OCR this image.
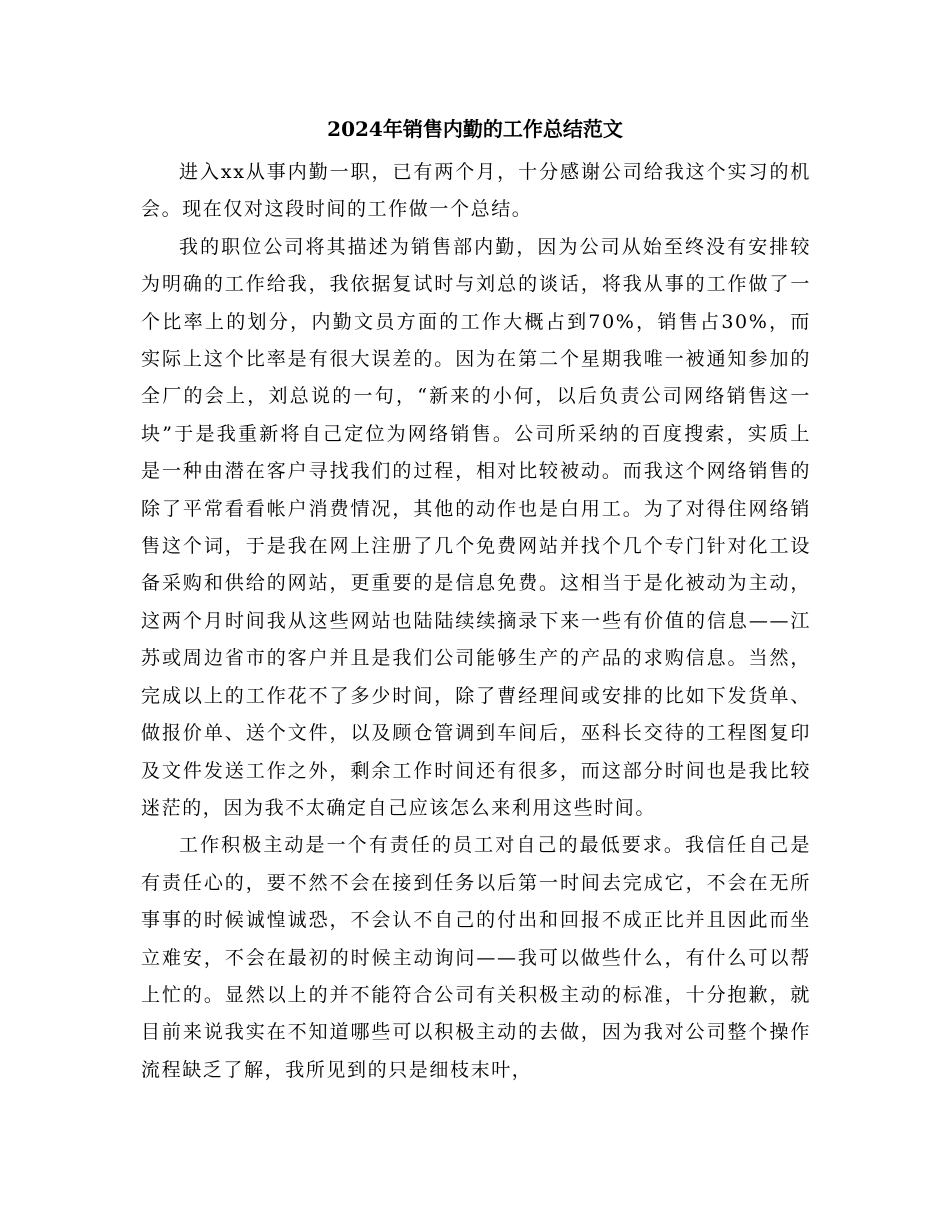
2024年销售内勤的工作总结范文

进入xx从事内勤一职，已有两个月，十分感谢公司给我这个实习的机会。现在仅对这段时间的工作做一个总结。

我的职位公司将其描述为销售部内勤，因为公司从始至终没有安排较为明确的工作给我，我依据复试时与刘总的谈话，将我从事的工作做了一个比率上的划分，内勤文员方面的工作大概占到70%，销售占30%，而实际上这个比率是有很大误差的。因为在第二个星期我唯一被通知参加的全厂的会上，刘总说的一句，“新来的小何，以后负责公司网络销售这一块”于是我重新将自己定位为网络销售。公司所采纳的百度搜索，实质上是一种由潜在客户寻找我们的过程，相对比较被动。而我这个网络销售的除了平常看看帐户消费情况，其他的动作也是白用工。为了对得住网络销售这个词，于是我在网上注册了几个免费网站并找个几个专门针对化工设备采购和供给的网站，更重要的是信息免费。这相当于是化被动为主动，这两个月时间我从这些网站也陆陆续续摘录下来一些有价值的信息——江苏或周边省市的客户并且是我们公司能够生产的产品的求购信息。当然，完成以上的工作花不了多少时间，除了曹经理间或安排的比如下发货单、做报价单、送个文件，以及顾仓管调到车间后，巫科长交待的工程图复印及文件发送工作之外，剩余工作时间还有很多，而这部分时间也是我比较迷茫的，因为我不太确定自己应该怎么来利用这些时间。

工作积极主动是一个有责任的员工对自己的最低要求。我信任自己是有责任心的，要不然不会在接到任务以后第一时间去完成它，不会在无所事事的时候诚惶诚恐，不会认不自己的付出和回报不成正比并且因此而坐立难安，不会在最初的时候主动询问——我可以做些什么，有什么可以帮上忙的。显然以上的并不能符合公司有关积极主动的标准，十分抱歉，就目前来说我实在不知道哪些可以积极主动的去做，因为我对公司整个操作流程缺乏了解，我所见到的只是细枝末叶，
